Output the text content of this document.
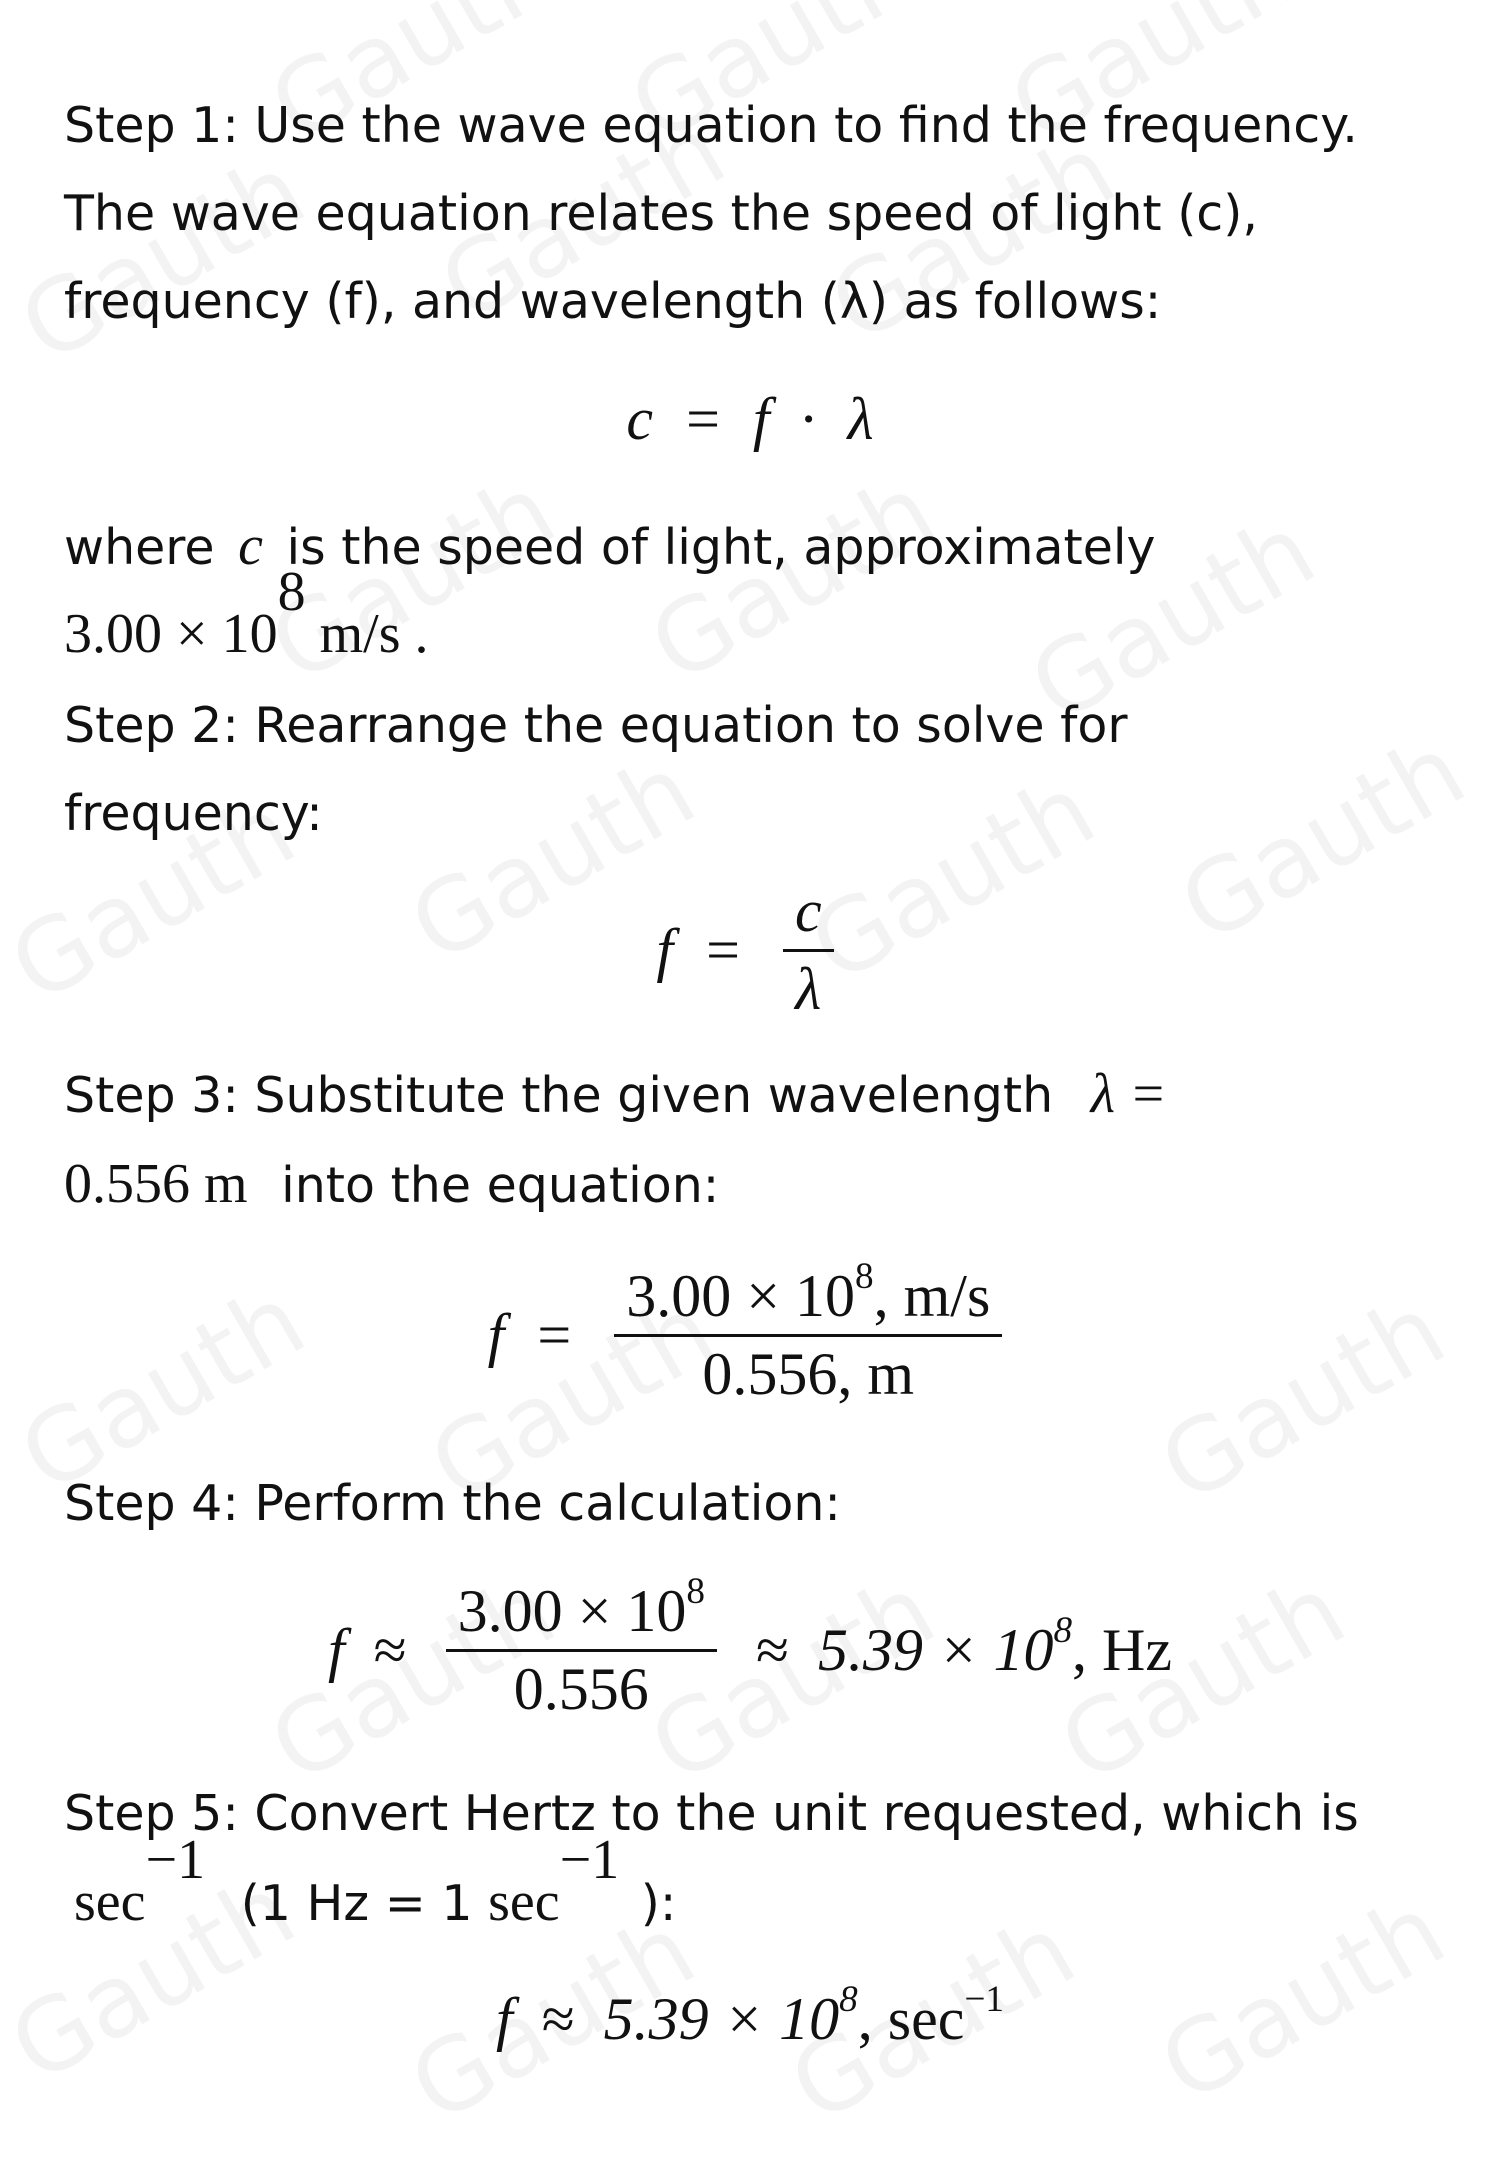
Step 1: Use the wave equation to find the frequency.

The wave equation relates the speed of light (c),

frequency (f), and wavelength (λ) as follows:

c = f · λ

where c is the speed of light, approximately

$3.00 \times 10^8$ m/s .

Step 2: Rearrange the equation to solve for

frequency:

$f = \frac{c}{\lambda}$

Step 3: Substitute the given wavelength λ =

0.556 m into the equation:

$f = \frac{3.00 \times 10^8, m/s}{0.556, m}$

Step 4: Perform the calculation:

$f \approx \frac{3.00 \times 10^8}{0.556} \approx 5.39 \times 10^8$, Hz

Step 5: Convert Hertz to the unit requested, which is

$\sec^{-1} (1$ Hz = 1 $\sec^{-1}$ ):

$f \approx 5.39 \times 10^8$, $\sec^{-1}$
